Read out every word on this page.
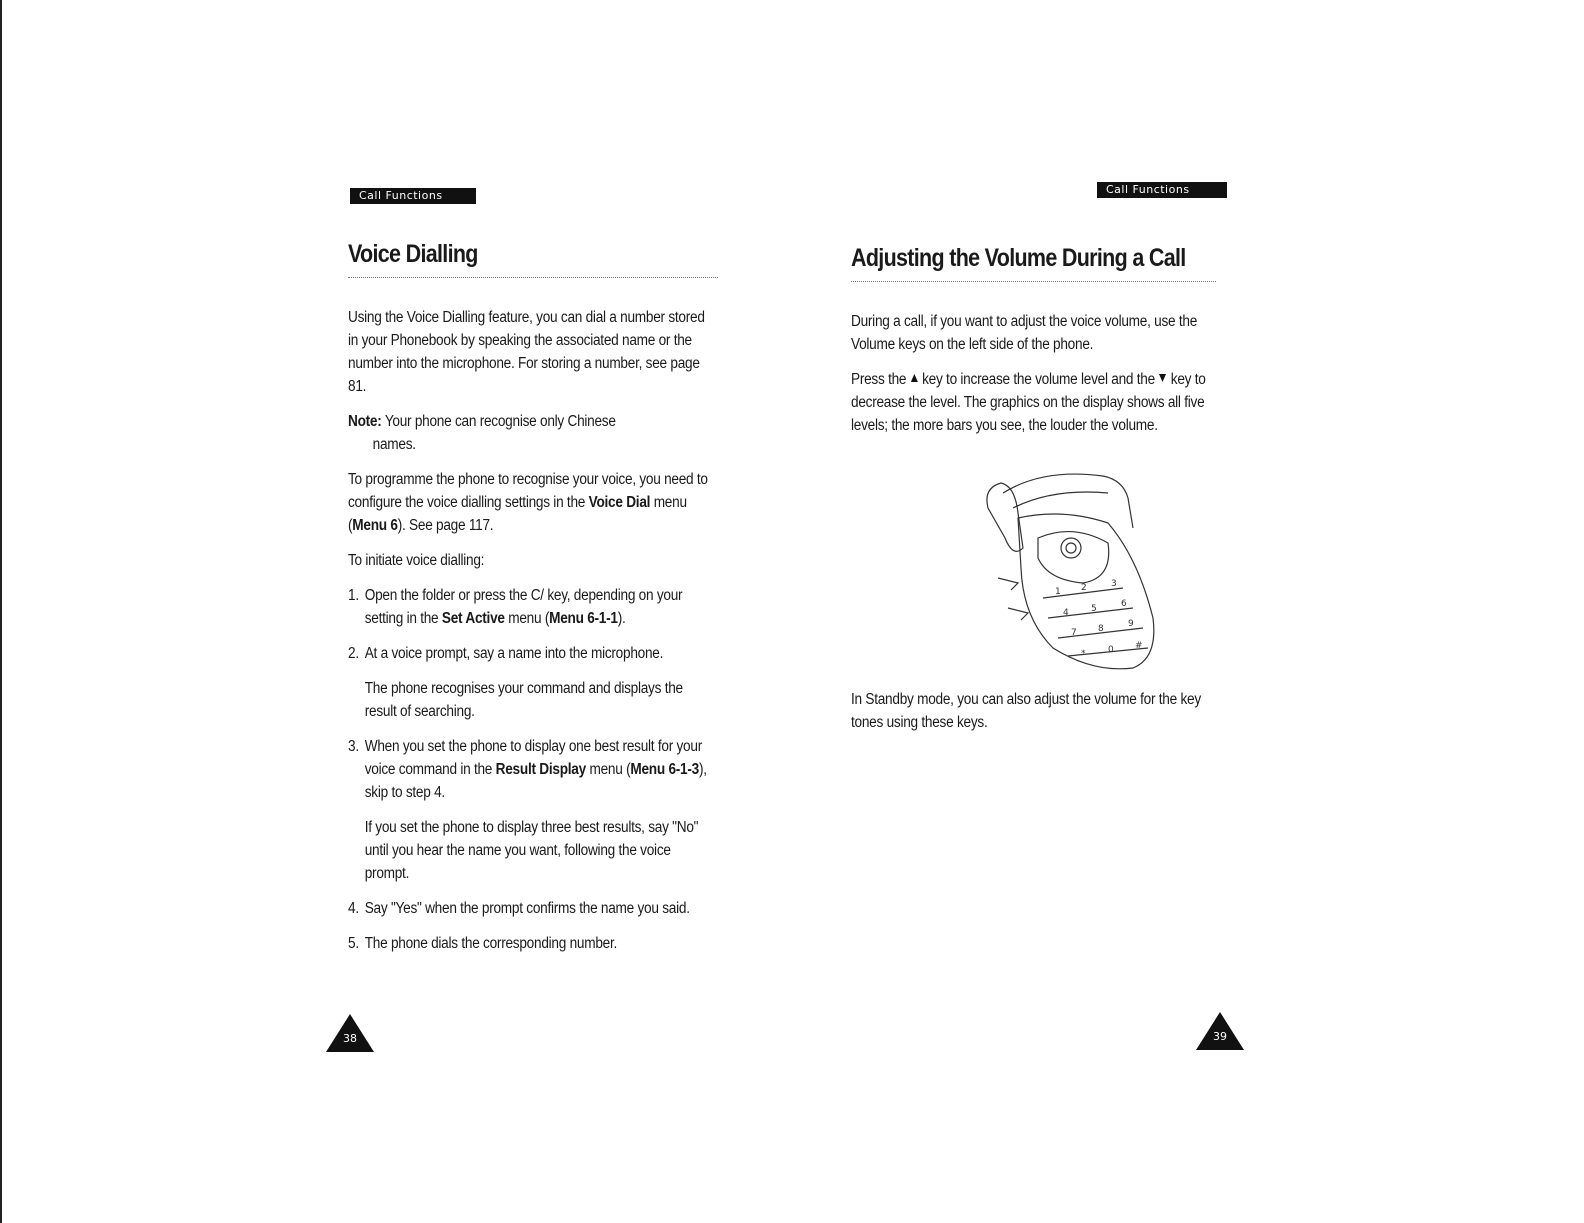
Call Functions	Call Functions
Voice Dialling

Using the Voice Dialling feature, you can dial a number stored in your Phonebook by speaking the associated name or the number into the microphone. For storing a number, see page 81.

Note: Your phone can recognise only Chinese
names.

To programme the phone to recognise your voice, you need to configure the voice dialling settings in the Voice Dial menu (Menu 6). See page 117.

To initiate voice dialling:

1. Open the folder or press the C/ key, depending on your setting in the Set Active menu (Menu 6-1-1).

2. At a voice prompt, say a name into the microphone.

The phone recognises your command and displays the result of searching.

3. When you set the phone to display one best result for your voice command in the Result Display menu (Menu 6-1-3), skip to step 4.

If you set the phone to display three best results, say "No" until you hear the name you want, following the voice prompt.

4. Say "Yes" when the prompt confirms the name you said.

5. The phone dials the corresponding number.

Adjusting the Volume During a Call

During a call, if you want to adjust the voice volume, use the Volume keys on the left side of the phone.

Press the key to increase the volume level and the key to decrease the level. The graphics on the display shows all five levels; the more bars you see, the louder the volume.

1 2	3
4 5	6
7 8	9
*	0 #

In Standby mode, you can also adjust the volume for the key tones using these keys.

38	39
